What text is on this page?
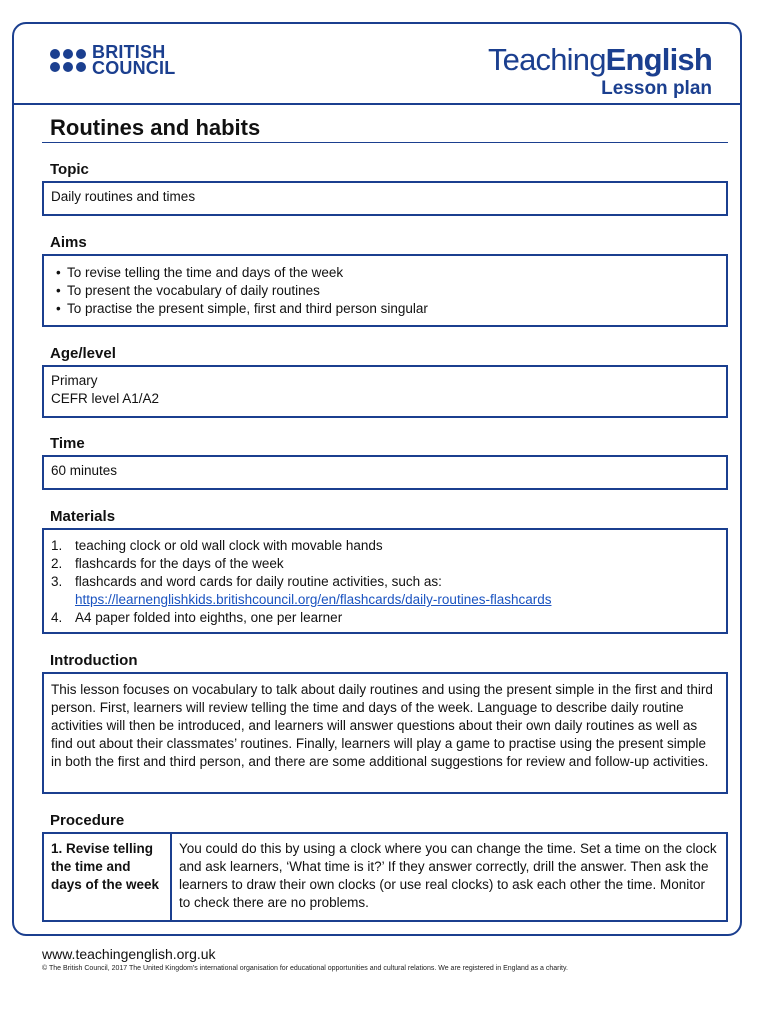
BRITISH
COUNCIL	TeachingEnglish
Lesson plan
Routines and habits
Topic

Daily routines and times

Aims
• To revise telling the time and days of the week
• To present the vocabulary of daily routines
• To practise the present simple, first and third person singular
Age/level

Primary

CEFR level A1/A2

Time

60 minutes

Materials
1. teaching clock or old wall clock with movable hands
2. flashcards for the days of the week
3. flashcards and word cards for daily routine activities, such as:
https://learnenglishkids.britishcouncil.org/en/flashcards/daily-routines-flashcards
4. A4 paper folded into eighths, one per learner
Introduction

This lesson focuses on vocabulary to talk about daily routines and using the present simple in the first and third person. First, learners will review telling the time and days of the week. Language to describe daily routine activities will then be introduced, and learners will answer questions about their own daily routines as well as find out about their classmates’ routines. Finally, learners will play a game to practise using the present simple in both the first and third person, and there are some additional suggestions for review and follow-up activities.

Procedure
1. Revise telling the time and days of the week
You could do this by using a clock where you can change the time. Set a time on the clock and ask learners, ‘What time is it?’ If they answer correctly, drill the answer. Then ask the learners to draw their own clocks (or use real clocks) to ask each other the time. Monitor to check there are no problems.
www.teachingenglish.org.uk
© The British Council, 2017 The United Kingdom’s international organisation for educational opportunities and cultural relations. We are registered in England as a charity.
